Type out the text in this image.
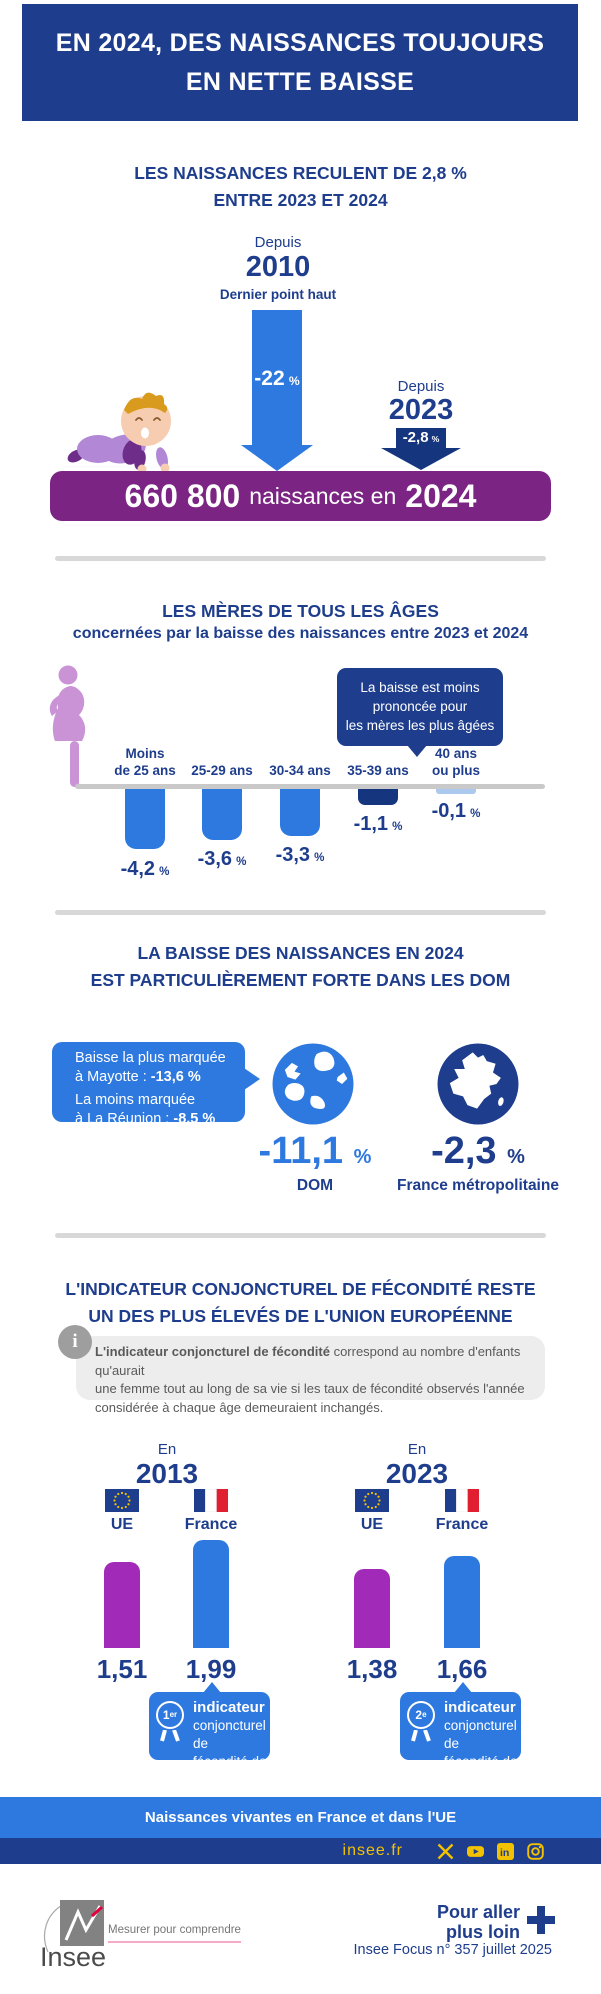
EN 2024, DES NAISSANCES TOUJOURS
EN NETTE BAISSE
LES NAISSANCES RECULENT DE 2,8 %
ENTRE 2023 ET 2024
Depuis
2010
Dernier point haut
-22  %	Depuis
2023
-2,8  %
660 800 naissances en 2024
LES MÈRES DE TOUS LES ÂGES
concernées par la baisse des naissances entre 2023 et 2024
La baisse est moins
prononcée pour
les mères les plus âgées
Moins
de 25 ans	25-29 ans	30-34 ans	35-39 ans
40 ans
ou plus
-4,2  %
-3,6  %	-3,3  %
-1,1  %
-0,1  %
LA BAISSE DES NAISSANCES EN 2024
EST PARTICULIÈREMENT FORTE DANS LES DOM
Baisse la plus marquée
à Mayotte : -13,6 %
La moins marquée
à La Réunion : -8,5 %
-11,1 %	-2,3 %
DOM	France métropolitaine
L'INDICATEUR CONJONCTUREL DE FÉCONDITÉ RESTE
UN DES PLUS ÉLEVÉS DE L'UNION EUROPÉENNE
i	L'indicateur conjoncturel de fécondité correspond au nombre d'enfants qu'aurait
une femme tout au long de sa vie si les taux de fécondité observés l'année
considérée à chaque âge demeuraient inchangés.
En
2013
En
2023
UE	France	UE	France
1,51	1,99	1,38	1,66
1 er indicateur
conjoncturel de
fécondité de l'UE
2 e indicateur
conjoncturel de
fécondité de l'UE
Naissances vivantes en France et dans l'UE
insee.fr	in
Insee
Mesurer pour comprendre
Pour aller
plus loin
Insee Focus n° 357 juillet 2025
